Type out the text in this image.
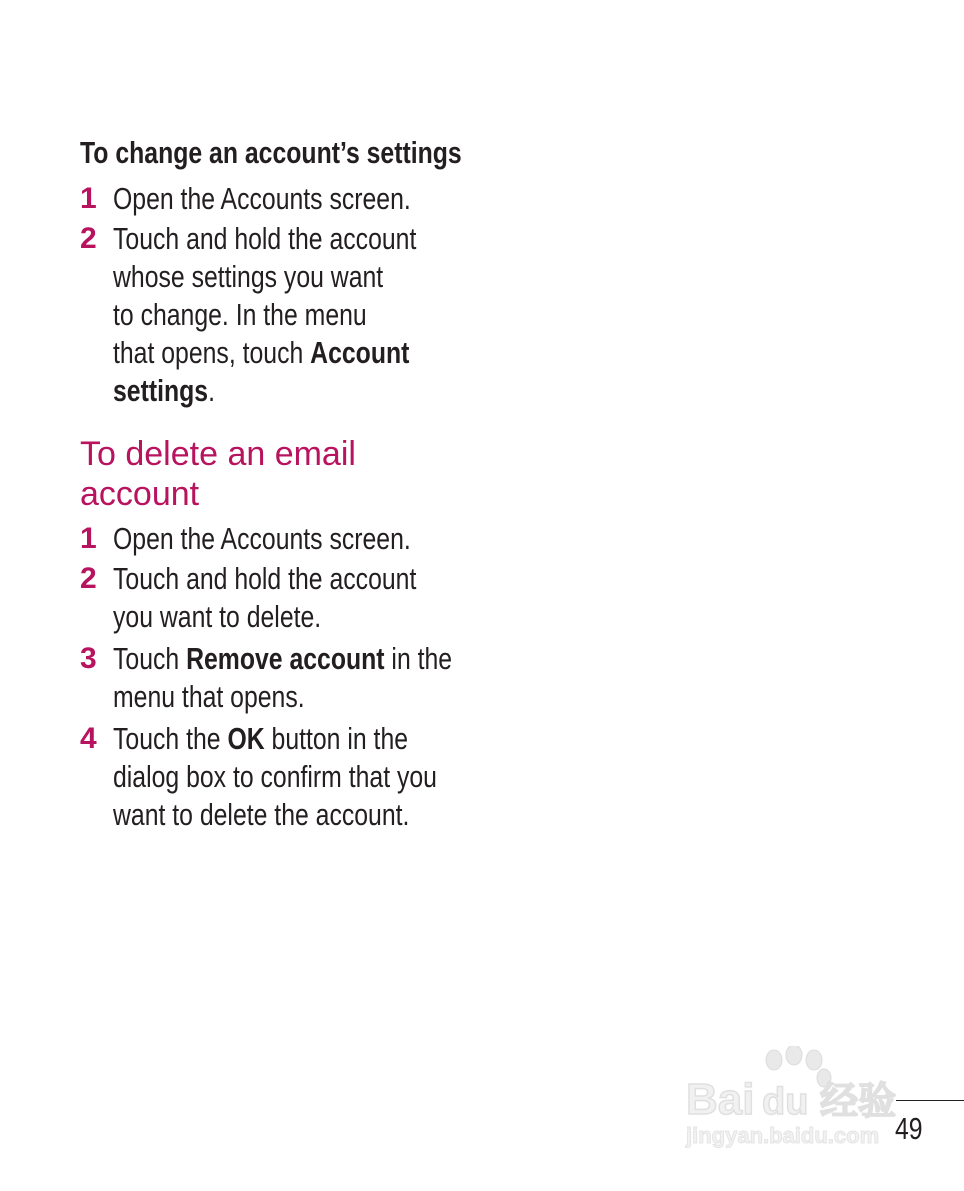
To change an account’s settings
1 Open the Accounts screen.
2 Touch and hold the account
whose settings you want
to change. In the menu
that opens, touch Account
settings.
To delete an email
account
1 Open the Accounts screen.
2 Touch and hold the account
you want to delete.
3 Touch Remove account in the
menu that opens.
4 Touch the OK button in the
dialog box to confirm that you
want to delete the account.
Bai du 经验
jingyan.baidu.com 49
